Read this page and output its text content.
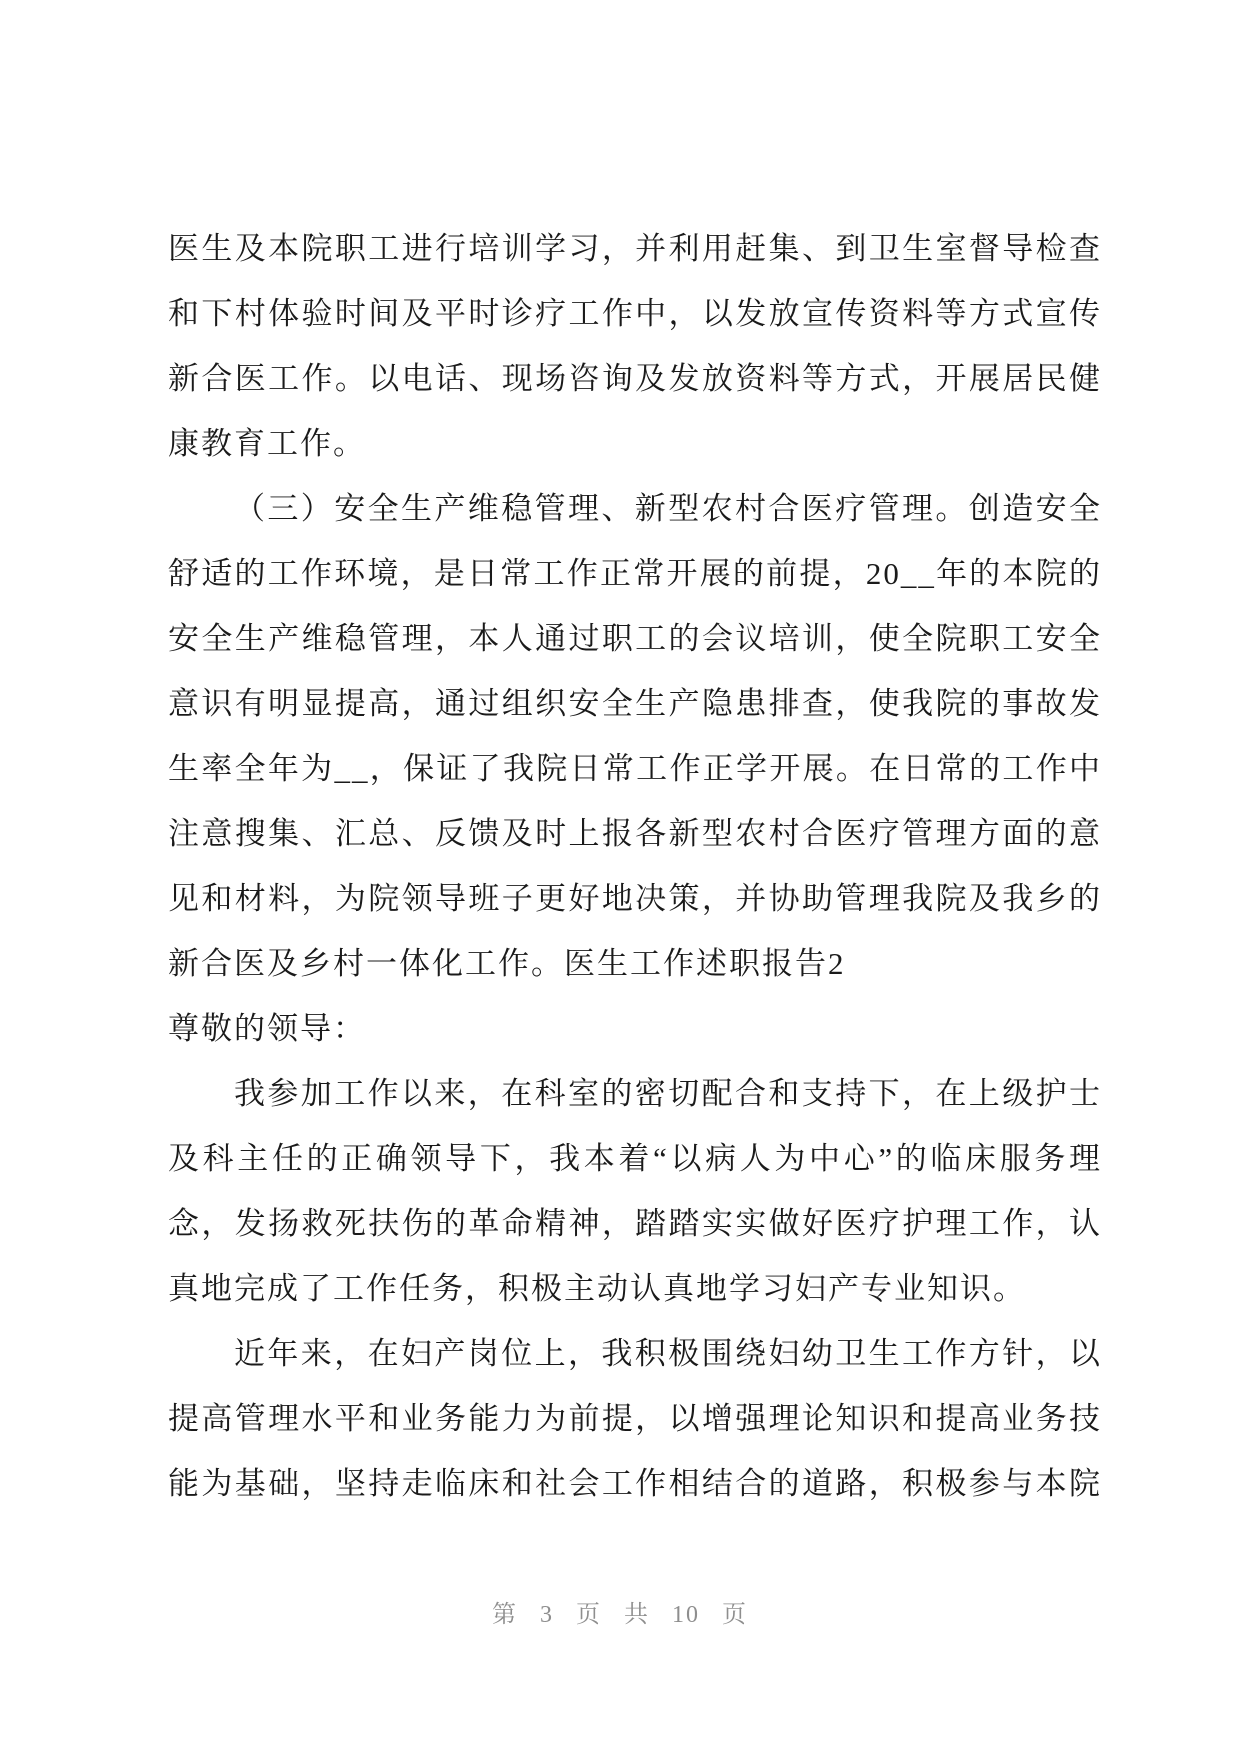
医生及本院职工进行培训学习，并利用赶集、到卫生室督导检查
和下村体验时间及平时诊疗工作中，以发放宣传资料等方式宣传
新合医工作。以电话、现场咨询及发放资料等方式，开展居民健
康教育工作。
（三）安全生产维稳管理、新型农村合医疗管理。创造安全
舒适的工作环境，是日常工作正常开展的前提，20__年的本院的
安全生产维稳管理，本人通过职工的会议培训，使全院职工安全
意识有明显提高，通过组织安全生产隐患排查，使我院的事故发
生率全年为__，保证了我院日常工作正学开展。在日常的工作中
注意搜集、汇总、反馈及时上报各新型农村合医疗管理方面的意
见和材料，为院领导班子更好地决策，并协助管理我院及我乡的
新合医及乡村一体化工作。医生工作述职报告2
尊敬的领导：
我参加工作以来，在科室的密切配合和支持下，在上级护士
及科主任的正确领导下，我本着“以病人为中心”的临床服务理
念，发扬救死扶伤的革命精神，踏踏实实做好医疗护理工作，认
真地完成了工作任务，积极主动认真地学习妇产专业知识。
近年来，在妇产岗位上，我积极围绕妇幼卫生工作方针，以
提高管理水平和业务能力为前提，以增强理论知识和提高业务技
能为基础，坚持走临床和社会工作相结合的道路，积极参与本院
第 3 页 共 10 页
